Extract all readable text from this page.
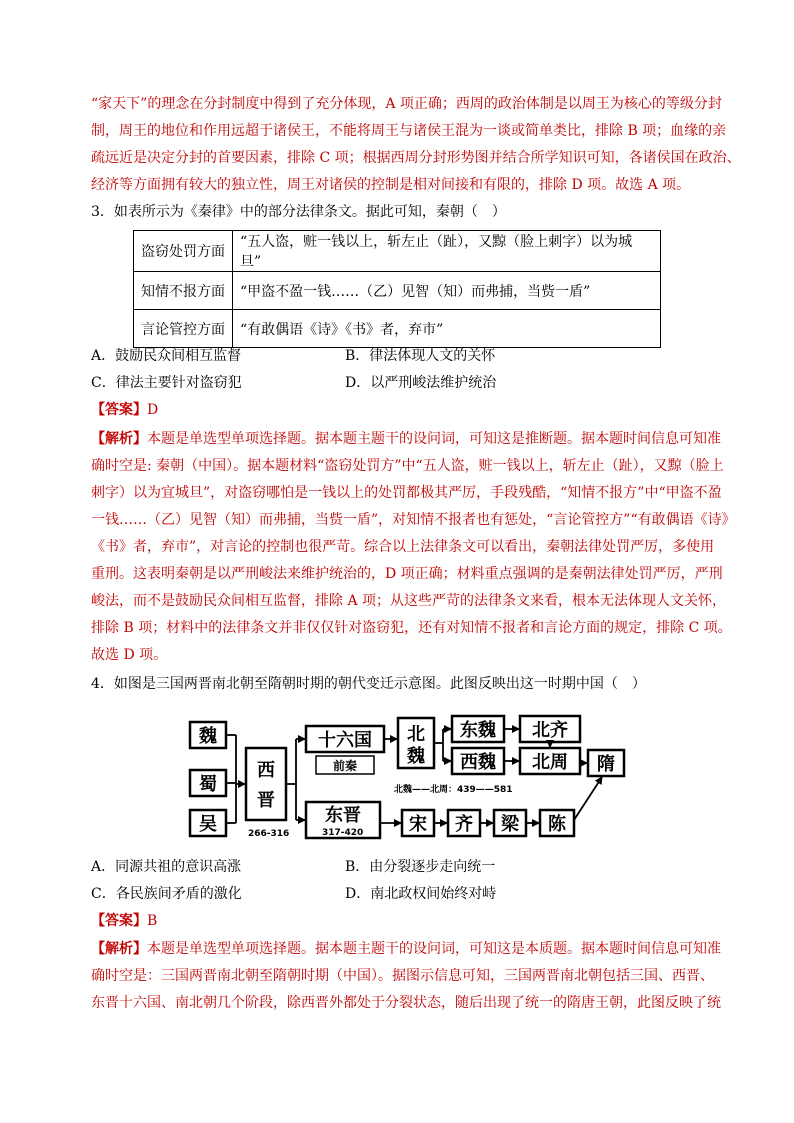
“家天下”的理念在分封制度中得到了充分体现，A 项正确；西周的政治体制是以周王为核心的等级分封
制，周王的地位和作用远超于诸侯王，不能将周王与诸侯王混为一谈或简单类比，排除 B 项；血缘的亲
疏远近是决定分封的首要因素，排除 C 项；根据西周分封形势图并结合所学知识可知，各诸侯国在政治、
经济等方面拥有较大的独立性，周王对诸侯的控制是相对间接和有限的，排除 D 项。故选 A 项。
3．如表所示为《秦律》中的部分法律条文。据此可知，秦朝（　）
盗窃处罚方面	“五人盗，赃一钱以上，斩左止（趾），又黥（脸上刺字）以为城旦”
知情不报方面	“甲盗不盈一钱……（乙）见智（知）而弗捕，当赀一盾”
言论管控方面	“有敢偶语《诗》《书》者，弃市”
A．鼓励民众间相互监督	B．律法体现人文的关怀
C．律法主要针对盗窃犯	D．以严刑峻法维护统治
【答案】D
【解析】本题是单选型单项选择题。据本题主题干的设问词，可知这是推断题。据本题时间信息可知准
确时空是: 秦朝（中国）。据本题材料“盗窃处罚方”中“五人盗，赃一钱以上，斩左止（趾），又黥（脸上
刺字）以为宜城旦”，对盗窃哪怕是一钱以上的处罚都极其严厉，手段残酷，“知情不报方”中“甲盗不盈
一钱……（乙）见智（知）而弗捕，当赀一盾”，对知情不报者也有惩处，“言论管控方”“有敢偶语《诗》
《书》者，弃市”，对言论的控制也很严苛。综合以上法律条文可以看出，秦朝法律处罚严厉，多使用
重刑。这表明秦朝是以严刑峻法来维护统治的，D 项正确；材料重点强调的是秦朝法律处罚严厉，严刑
峻法，而不是鼓励民众间相互监督，排除 A 项；从这些严苛的法律条文来看，根本无法体现人文关怀，
排除 B 项；材料中的法律条文并非仅仅针对盗窃犯，还有对知情不报者和言论方面的规定，排除 C 项。
故选 D 项。
4．如图是三国两晋南北朝至隋朝时期的朝代变迁示意图。此图反映出这一时期中国（　）
魏
蜀
吴
西
晋
十六国 北
魏
东魏
西魏
北齐
北周 隋
东晋	宋 齐 梁 陈
前秦
266-316	317-420
北魏——北周：439——581
A．同源共祖的意识高涨	B．由分裂逐步走向统一
C．各民族间矛盾的激化	D．南北政权间始终对峙
【答案】B
【解析】本题是单选型单项选择题。据本题主题干的设问词，可知这是本质题。据本题时间信息可知准
确时空是：三国两晋南北朝至隋朝时期（中国）。据图示信息可知，三国两晋南北朝包括三国、西晋、
东晋十六国、南北朝几个阶段，除西晋外都处于分裂状态，随后出现了统一的隋唐王朝，此图反映了统
